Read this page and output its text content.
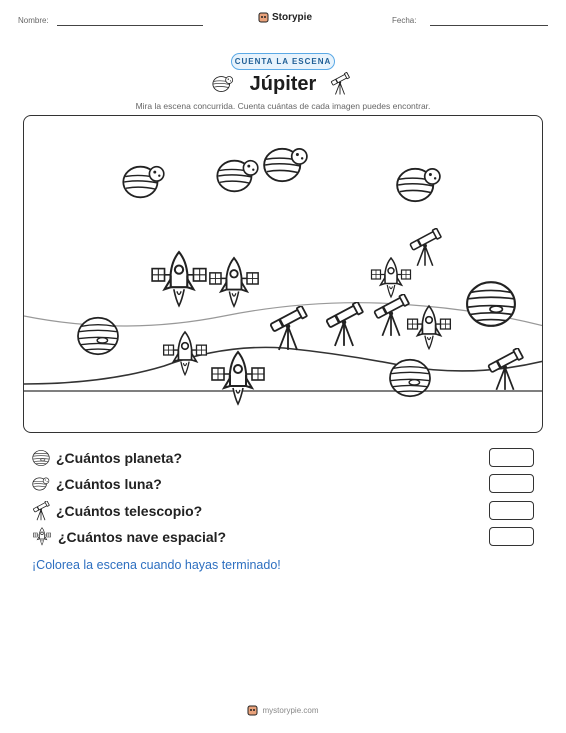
Nombre:	Storypie	Fecha:
CUENTA LA ESCENA
Júpiter
Mira la escena concurrida. Cuenta cuántas de cada imagen puedes encontrar.
¿Cuántos planeta?
¿Cuántos luna?
¿Cuántos telescopio?
¿Cuántos nave espacial?
¡Colorea la escena cuando hayas terminado!
mystorypie.com
